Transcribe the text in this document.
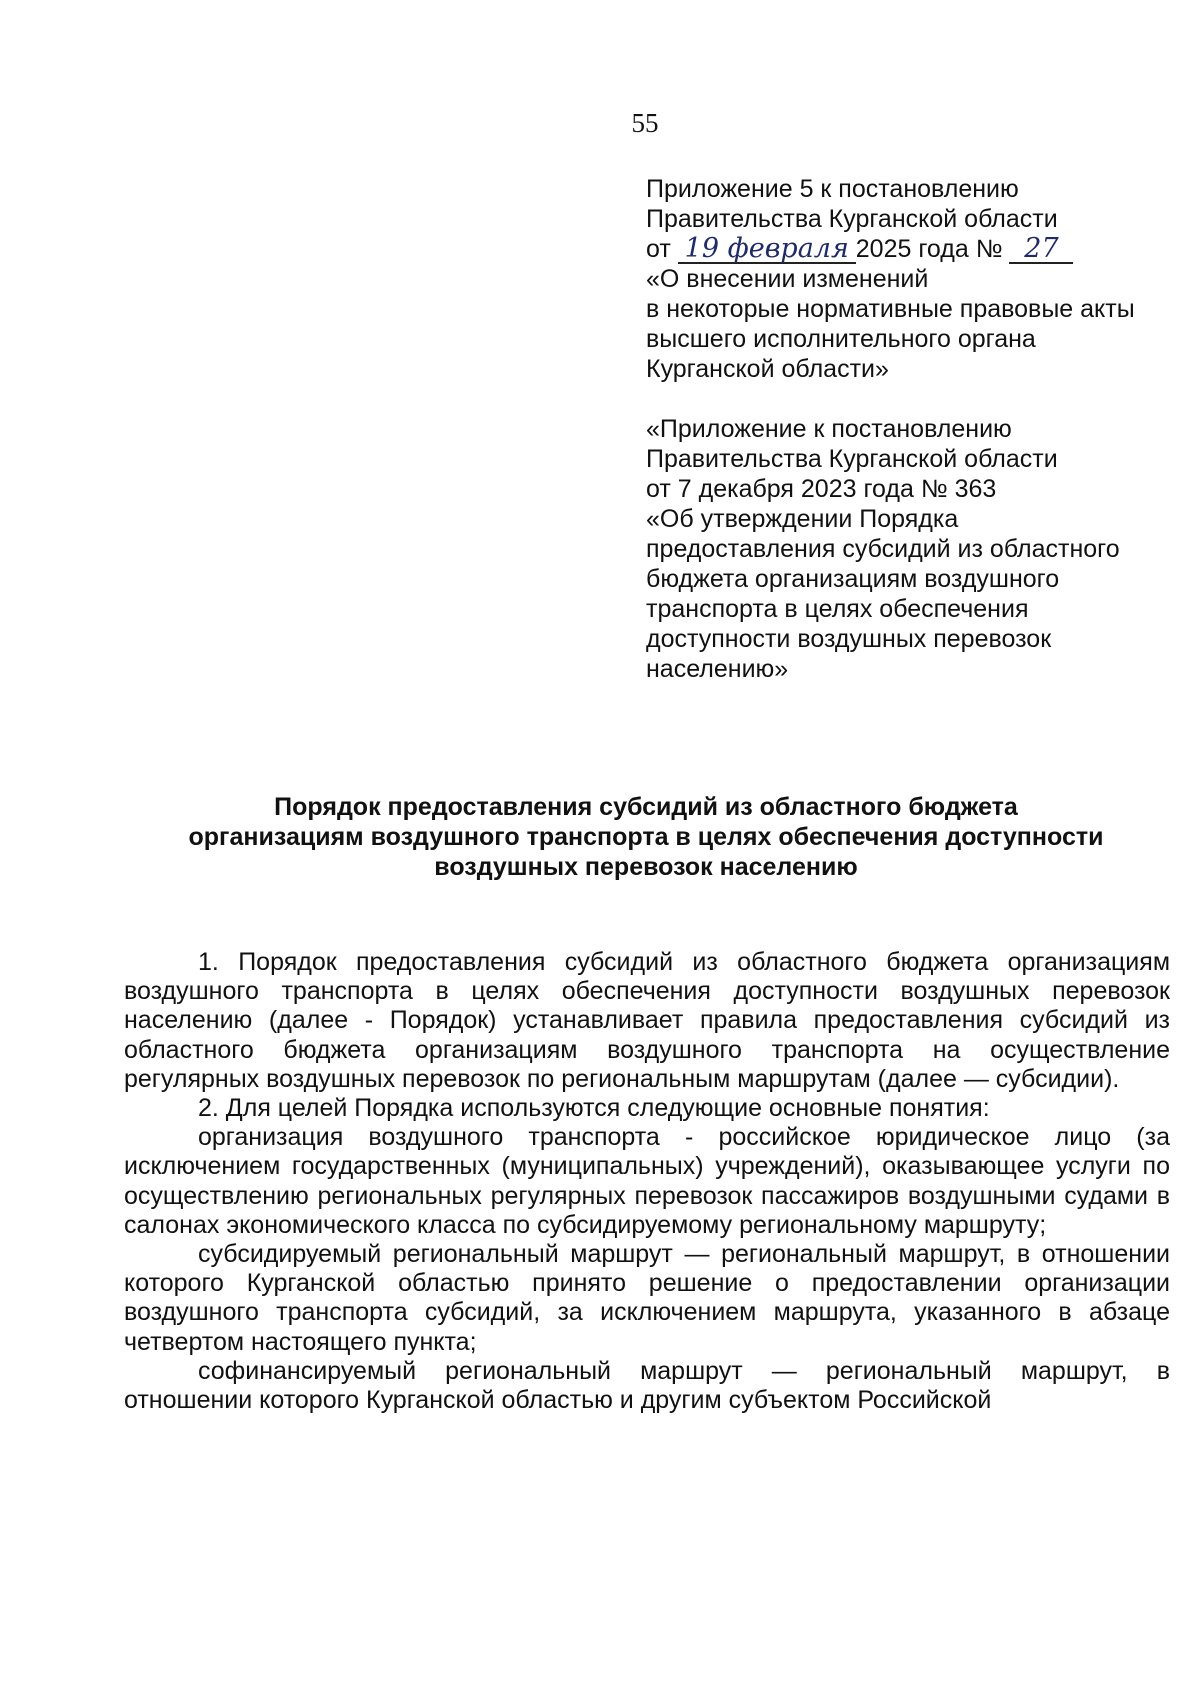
55
Приложение 5 к постановлению
Правительства Курганской области
от 19 февраля 2025 года № 27
«О внесении изменений
в некоторые нормативные правовые акты
высшего исполнительного органа
Курганской области»
«Приложение к постановлению
Правительства Курганской области
от 7 декабря 2023 года № 363
«Об утверждении Порядка
предоставления субсидий из областного
бюджета организациям воздушного
транспорта в целях обеспечения
доступности воздушных перевозок
населению»
Порядок предоставления субсидий из областного бюджета
организациям воздушного транспорта в целях обеспечения доступности
воздушных перевозок населению

1. Порядок предоставления субсидий из областного бюджета организациям воздушного транспорта в целях обеспечения доступности воздушных перевозок населению (далее - Порядок) устанавливает правила предоставления субсидий из областного бюджета организациям воздушного транспорта на осуществление регулярных воздушных перевозок по региональным маршрутам (далее — субсидии).

2. Для целей Порядка используются следующие основные понятия:

организация воздушного транспорта - российское юридическое лицо (за исключением государственных (муниципальных) учреждений), оказывающее услуги по осуществлению региональных регулярных перевозок пассажиров воздушными судами в салонах экономического класса по субсидируемому региональному маршруту;

субсидируемый региональный маршрут — региональный маршрут, в отношении которого Курганской областью принято решение о предоставлении организации воздушного транспорта субсидий, за исключением маршрута, указанного в абзаце четвертом настоящего пункта;

софинансируемый региональный маршрут — региональный маршрут, в отношении которого Курганской областью и другим субъектом Российской
